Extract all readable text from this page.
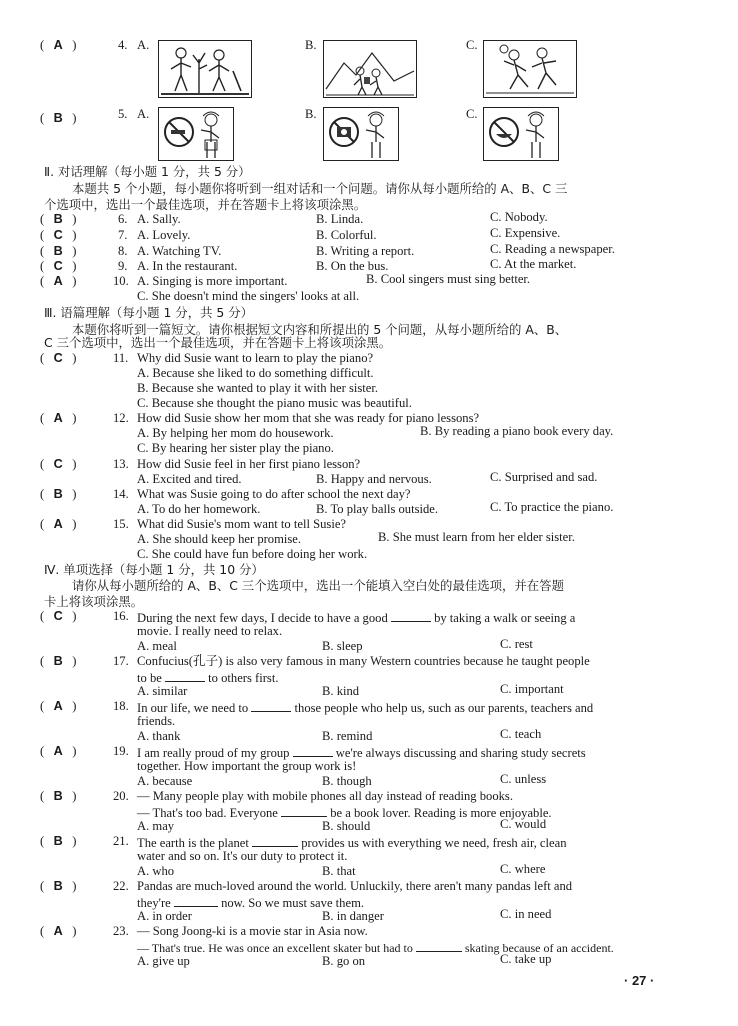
(   A   )	4. A.	B.	C.
(   B   )	5. A.	B.	C.
Ⅱ. 对话理解（每小题 1 分，共 5 分）
本题共 5 个小题，每小题你将听到一组对话和一个问题。请你从每小题所给的 A、B、C 三
个选项中，选出一个最佳选项，并在答题卡上将该项涂黑。
(   B   )	6. A. Sally.	B. Linda.	C. Nobody.
(   C   )	7. A. Lovely.	B. Colorful.	C. Expensive.
(   B   )	8. A. Watching TV.	B. Writing a report.	C. Reading a newspaper.
(   C   )	9. A. In the restaurant.	B. On the bus.	C. At the market.
(   A   )	10. A. Singing is more important.	B. Cool singers must sing better.
C. She doesn't mind the singers' looks at all.
Ⅲ. 语篇理解（每小题 1 分，共 5 分）
本题你将听到一篇短文。请你根据短文内容和所提出的 5 个问题，从每小题所给的 A、B、
C 三个选项中，选出一个最佳选项，并在答题卡上将该项涂黑。
(   C   )	11. Why did Susie want to learn to play the piano?
A. Because she liked to do something difficult.
B. Because she wanted to play it with her sister.
C. Because she thought the piano music was beautiful.
(   A   )	12. How did Susie show her mom that she was ready for piano lessons?
A. By helping her mom do housework.	B. By reading a piano book every day.
C. By hearing her sister play the piano.
(   C   )	13. How did Susie feel in her first piano lesson?
A. Excited and tired.	B. Happy and nervous.	C. Surprised and sad.
(   B   )	14. What was Susie going to do after school the next day?
A. To do her homework.	B. To play balls outside.	C. To practice the piano.
(   A   )	15. What did Susie's mom want to tell Susie?
A. She should keep her promise.	B. She must learn from her elder sister.
C. She could have fun before doing her work.
Ⅳ. 单项选择（每小题 1 分，共 10 分）
请你从每小题所给的 A、B、C 三个选项中，选出一个能填入空白处的最佳选项，并在答题
卡上将该项涂黑。
(   C   )	16. During the next few days, I decide to have a good	by taking a walk or seeing a
movie. I really need to relax.
A. meal	B. sleep	C. rest
(   B   )	17. Confucius(孔子) is also very famous in many Western countries because he taught people
to be	to others first.
A. similar	B. kind	C. important
(   A   )	18. In our life, we need to	those people who help us, such as our parents, teachers and
friends.
A. thank	B. remind	C. teach
(   A   )	19. I am really proud of my group	we're always discussing and sharing study secrets
together. How important the group work is!
A. because	B. though	C. unless
(   B   )	20. — Many people play with mobile phones all day instead of reading books.
— That's too bad. Everyone	be a book lover. Reading is more enjoyable.
A. may	B. should	C. would
(   B   )	21. The earth is the planet	provides us with everything we need, fresh air, clean
water and so on. It's our duty to protect it.
A. who	B. that	C. where
(   B   )	22. Pandas are much-loved around the world. Unluckily, there aren't many pandas left and
they're	now. So we must save them.
A. in order	B. in danger	C. in need
(   A   )	23. — Song Joong-ki is a movie star in Asia now.
— That's true. He was once an excellent skater but had to	skating because of an accident.
A. give up	B. go on	C. take up
· 27 ·
